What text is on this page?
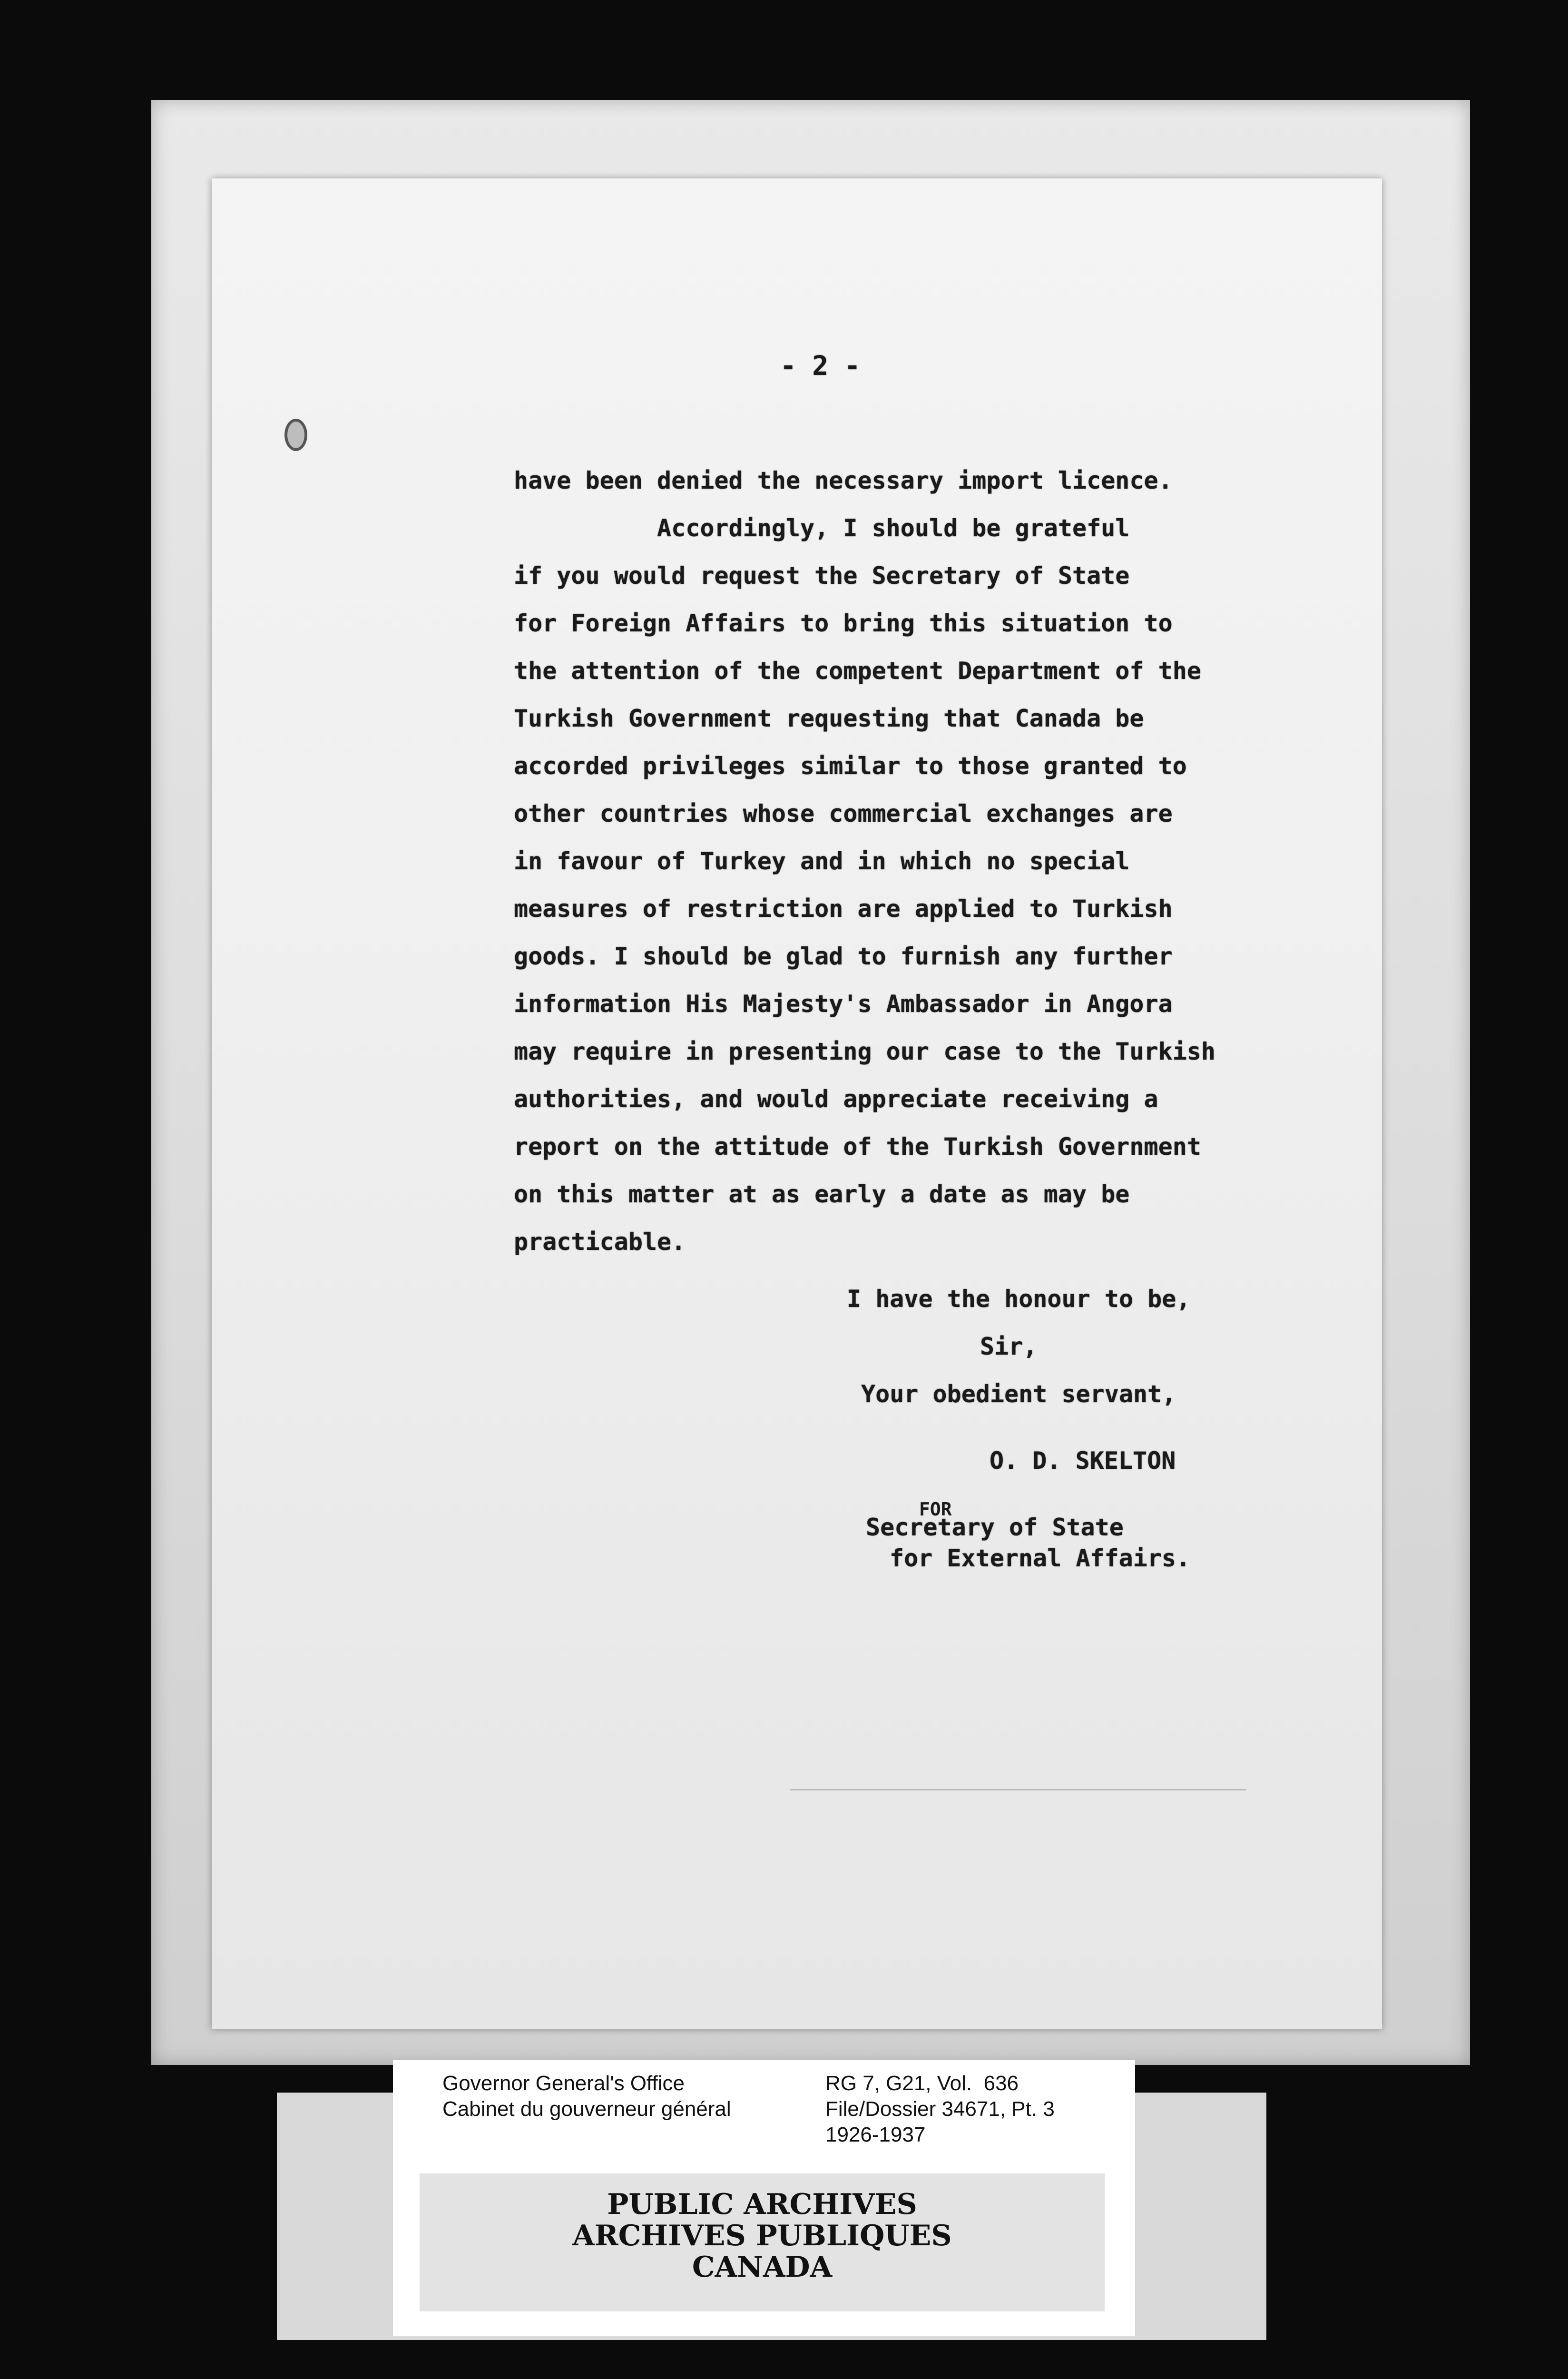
- 2 -

have been denied the necessary import licence.

Accordingly, I should be grateful

if you would request the Secretary of State

for Foreign Affairs to bring this situation to

the attention of the competent Department of the

Turkish Government requesting that Canada be

accorded privileges similar to those granted to

other countries whose commercial exchanges are

in favour of Turkey and in which no special

measures of restriction are applied to Turkish

goods. I should be glad to furnish any further

information His Majesty's Ambassador in Angora

may require in presenting our case to the Turkish

authorities, and would appreciate receiving a

report on the attitude of the Turkish Government

on this matter at as early a date as may be

practicable.

I have the honour to be,

Sir,

Your obedient servant,

O. D. SKELTON

FOR

Secretary of State

for External Affairs.

Governor General's Office
Cabinet du gouverneur général
RG 7, G21, Vol.  636
File/Dossier 34671, Pt. 3
1926-1937
PUBLIC ARCHIVES
ARCHIVES PUBLIQUES
CANADA
